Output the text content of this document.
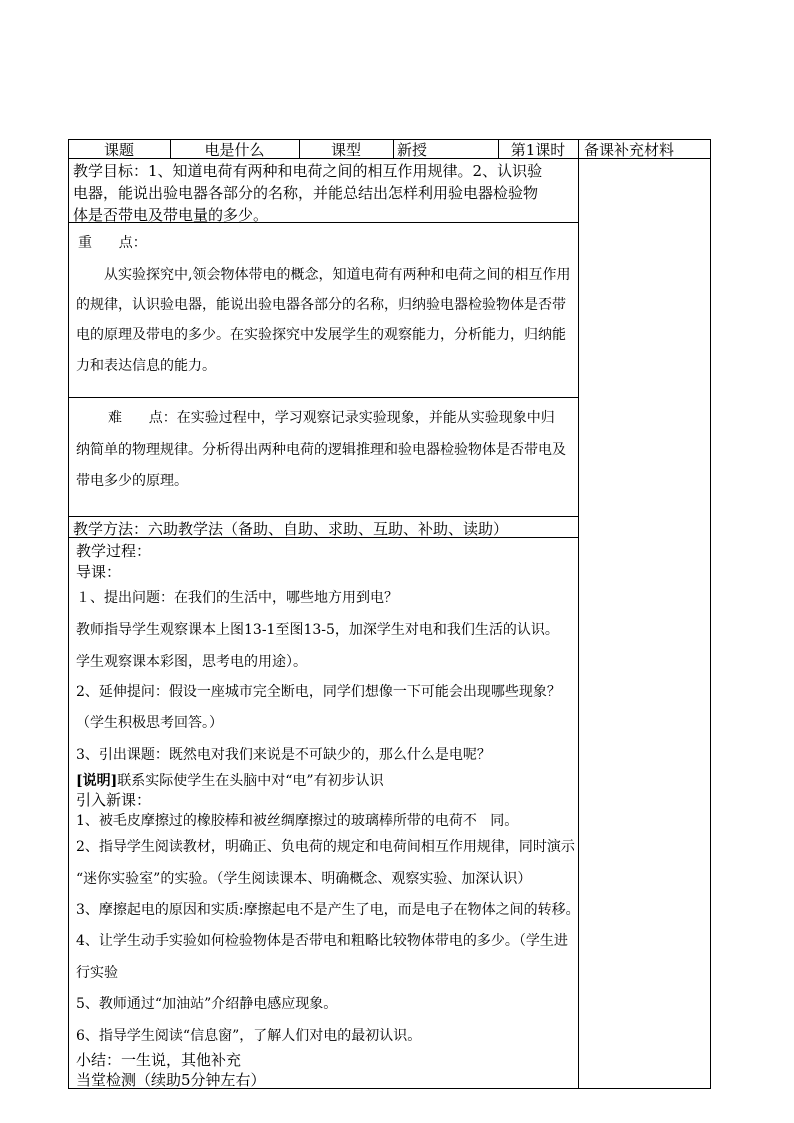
课题	电是什么	课型	新授	第1课时	备课补充材料
教学目标：1、知道电荷有两种和电荷之间的相互作用规律。2、认识验
电器，能说出验电器各部分的名称，并能总结出怎样利用验电器检验物
体是否带电及带电量的多少。
重      点：
从实验探究中,领会物体带电的概念，知道电荷有两种和电荷之间的相互作用
的规律，认识验电器，能说出验电器各部分的名称，归纳验电器检验物体是否带
电的原理及带电的多少。在实验探究中发展学生的观察能力，分析能力，归纳能
力和表达信息的能力。
难      点：在实验过程中，学习观察记录实验现象，并能从实验现象中归
纳简单的物理规律。分析得出两种电荷的逻辑推理和验电器检验物体是否带电及
带电多少的原理。
教学方法：六助教学法（备助、自助、求助、互助、补助、读助）
教学过程：
导课：
１、提出问题：在我们的生活中，哪些地方用到电？
教师指导学生观察课本上图13-1至图13-5，加深学生对电和我们生活的认识。
学生观察课本彩图，思考电的用途）。
2、延伸提问：假设一座城市完全断电，同学们想像一下可能会出现哪些现象？
（学生积极思考回答。）
3、引出课题：既然电对我们来说是不可缺少的，那么什么是电呢？
[说明]联系实际使学生在头脑中对“电”有初步认识
引入新课：
1、被毛皮摩擦过的橡胶棒和被丝绸摩擦过的玻璃棒所带的电荷不   同。
2、指导学生阅读教材，明确正、负电荷的规定和电荷间相互作用规律，同时演示
“迷你实验室”的实验。（学生阅读课本、明确概念、观察实验、加深认识）
3、摩擦起电的原因和实质:摩擦起电不是产生了电，而是电子在物体之间的转移。
4、让学生动手实验如何检验物体是否带电和粗略比较物体带电的多少。（学生进
行实验
5、教师通过“加油站”介绍静电感应现象。
6、指导学生阅读“信息窗”，了解人们对电的最初认识。
小结：一生说，其他补充
当堂检测（续助5分钟左右）
